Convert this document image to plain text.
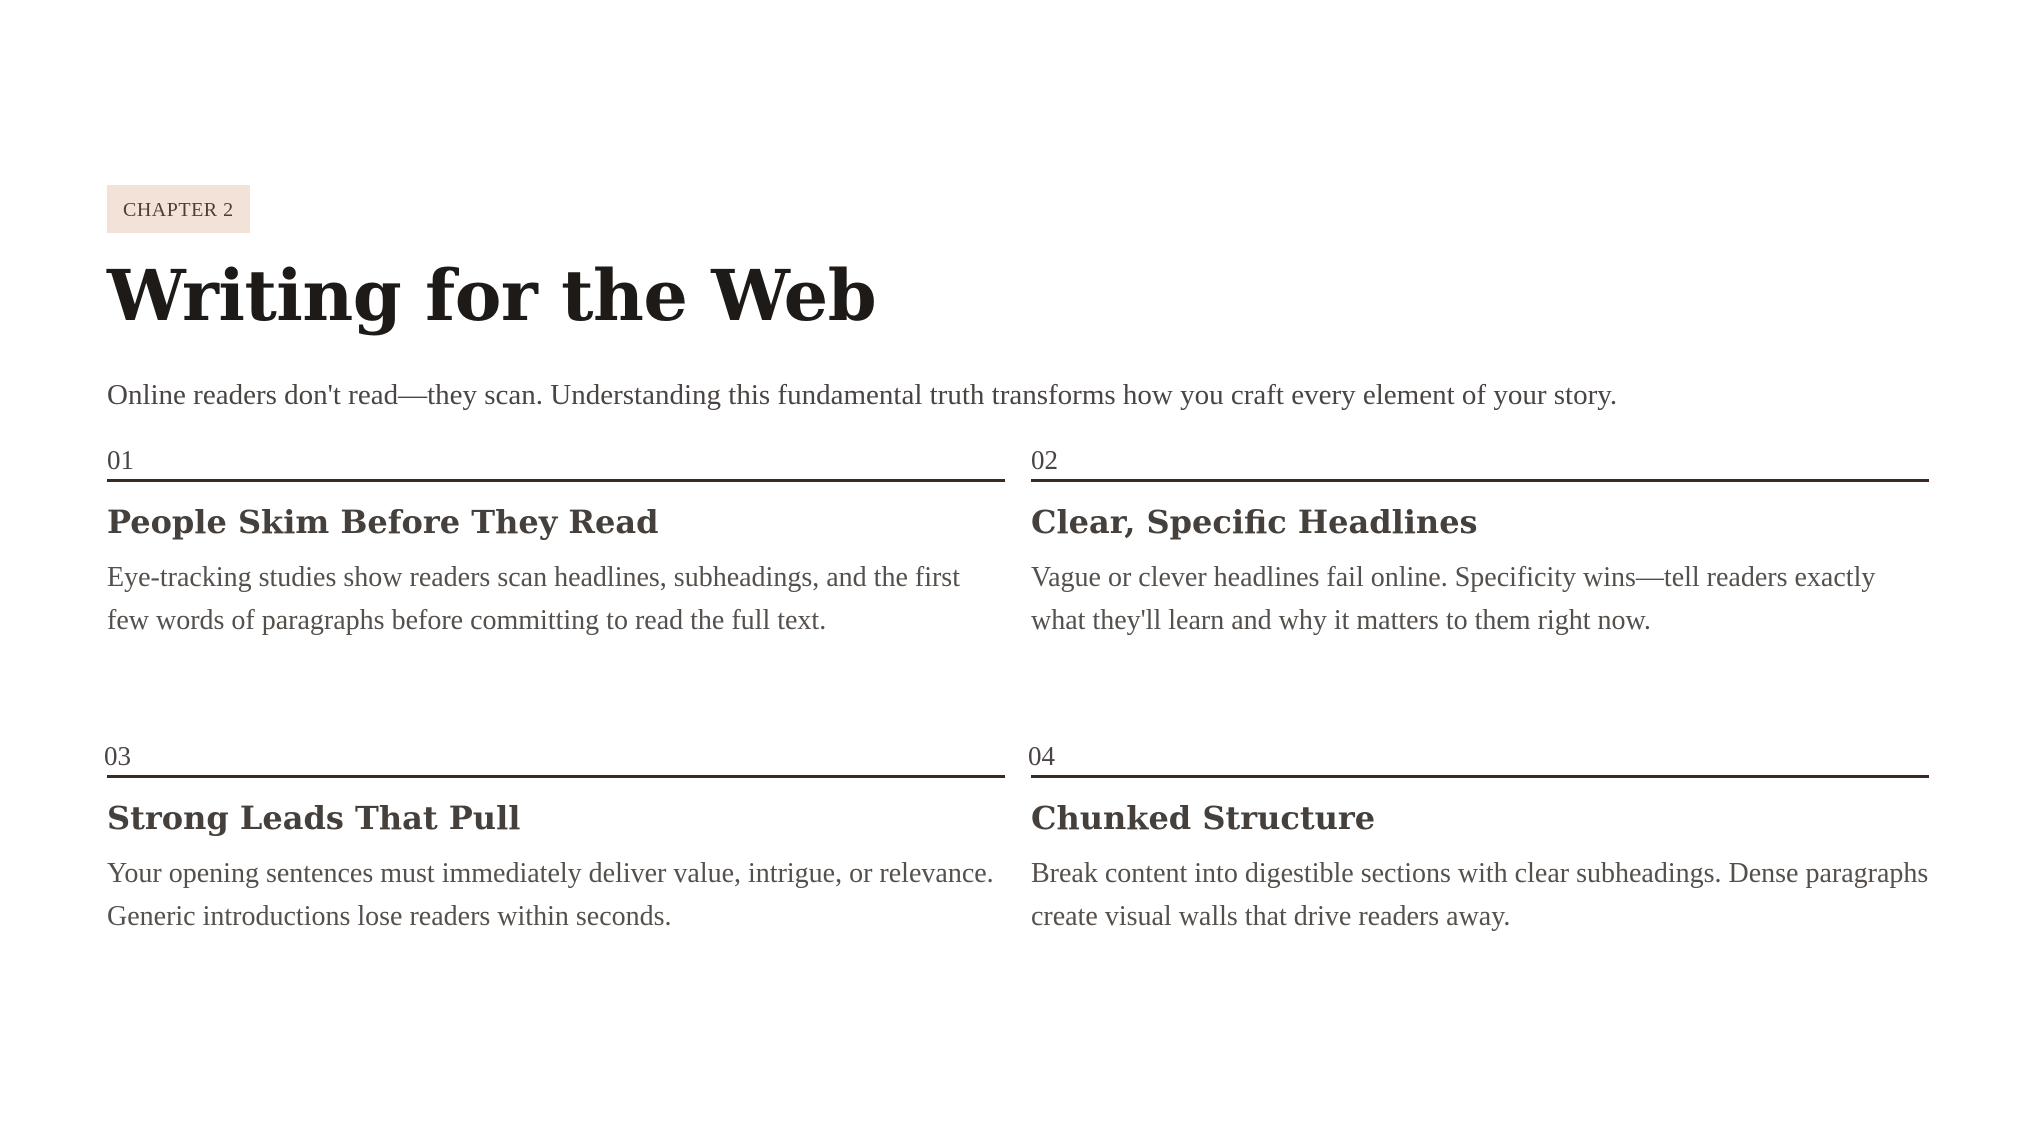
CHAPTER 2
Writing for the Web

Online readers don't read—they scan. Understanding this fundamental truth transforms how you craft every element of your story.

01
People Skim Before They Read
Eye-tracking studies show readers scan headlines, subheadings, and the first few words of paragraphs before committing to read the full text.
02
Clear, Specific Headlines
Vague or clever headlines fail online. Specificity wins—tell readers exactly what they'll learn and why it matters to them right now.
03
Strong Leads That Pull
Your opening sentences must immediately deliver value, intrigue, or relevance. Generic introductions lose readers within seconds.
04
Chunked Structure
Break content into digestible sections with clear subheadings. Dense paragraphs create visual walls that drive readers away.
